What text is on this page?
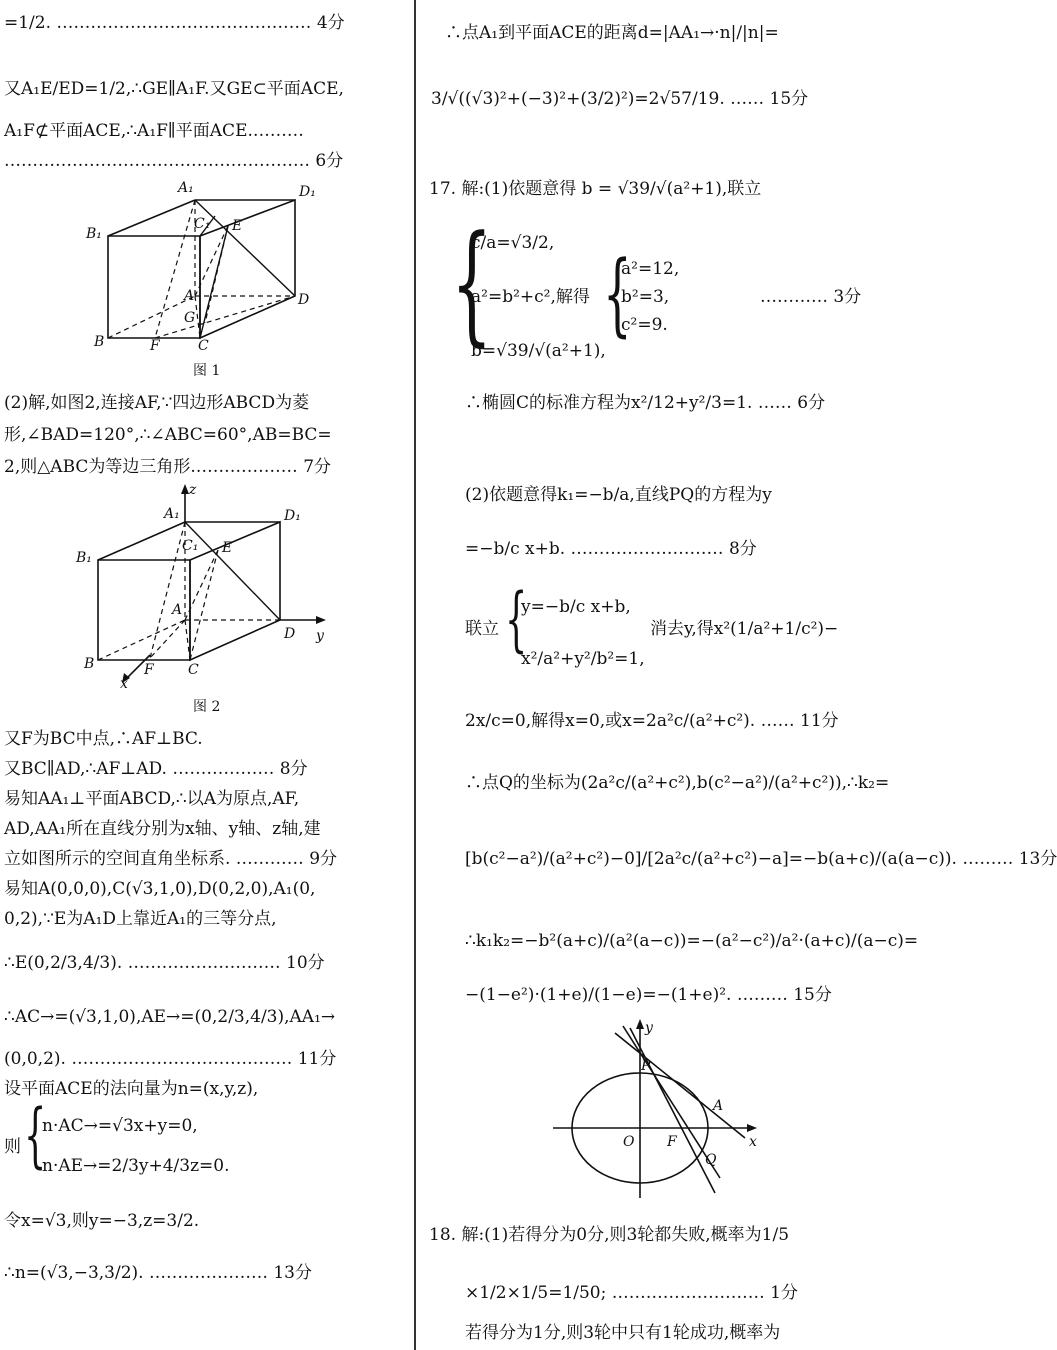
=1/2. ……………………………………… 4分
又A₁E/ED=1/2,∴GE∥A₁F.又GE⊂平面ACE,
A₁F⊄平面ACE,∴A₁F∥平面ACE.………
……………………………………………… 6分
A₁	D₁
B₁
C₁ E
A
G
D
B	F	C
图 1
(2)解,如图2,连接AF,∵四边形ABCD为菱
形,∠BAD=120°,∴∠ABC=60°,AB=BC=
2,则△ABC为等边三角形.……………… 7分
z
A₁	D₁
B₁
C₁ E
A
D y
B	F C
x
图 2
又F为BC中点,∴AF⊥BC.
又BC∥AD,∴AF⊥AD. ……………… 8分
易知AA₁⊥平面ABCD,∴以A为原点,AF,
AD,AA₁所在直线分别为x轴、y轴、z轴,建
立如图所示的空间直角坐标系. ………… 9分
易知A(0,0,0),C(√3,1,0),D(0,2,0),A₁(0,
0,2),∵E为A₁D上靠近A₁的三等分点,
∴E(0,2/3,4/3). ……………………… 10分
∴AC→=(√3,1,0),AE→=(0,2/3,4/3),AA₁→
(0,0,2). ………………………………… 11分
设平面ACE的法向量为n=(x,y,z),
则 {
n·AC→=√3x+y=0,
n·AE→=2/3y+4/3z=0.
令x=√3,则y=−3,z=3/2.
∴n=(√3,−3,3/2). ………………… 13分
∴点A₁到平面ACE的距离d=|AA₁→·n|/|n|=
3/√((√3)²+(−3)²+(3/2)²)=2√57/19. …… 15分
17. 解:(1)依题意得 b = √39/√(a²+1),联立
{
c/a=√3/2,
a²=b²+c²,解得
b=√39/√(a²+1),
{
a²=12,
b²=3,
c²=9.
………… 3分
∴椭圆C的标准方程为x²/12+y²/3=1. …… 6分
(2)依题意得k₁=−b/a,直线PQ的方程为y
=−b/c x+b. ……………………… 8分
联立 {
y=−b/c x+b,
x²/a²+y²/b²=1,
消去y,得x²(1/a²+1/c²)−
2x/c=0,解得x=0,或x=2a²c/(a²+c²). …… 11分
∴点Q的坐标为(2a²c/(a²+c²),b(c²−a²)/(a²+c²)),∴k₂=
[b(c²−a²)/(a²+c²)−0]/[2a²c/(a²+c²)−a]=−b(a+c)/(a(a−c)). ……… 13分
∴k₁k₂=−b²(a+c)/(a²(a−c))=−(a²−c²)/a²·(a+c)/(a−c)=
−(1−e²)·(1+e)/(1−e)=−(1+e)². ……… 15分
y
P
A
O F
Q
x
18. 解:(1)若得分为0分,则3轮都失败,概率为1/5
×1/2×1/5=1/50; ……………………… 1分
若得分为1分,则3轮中只有1轮成功,概率为
